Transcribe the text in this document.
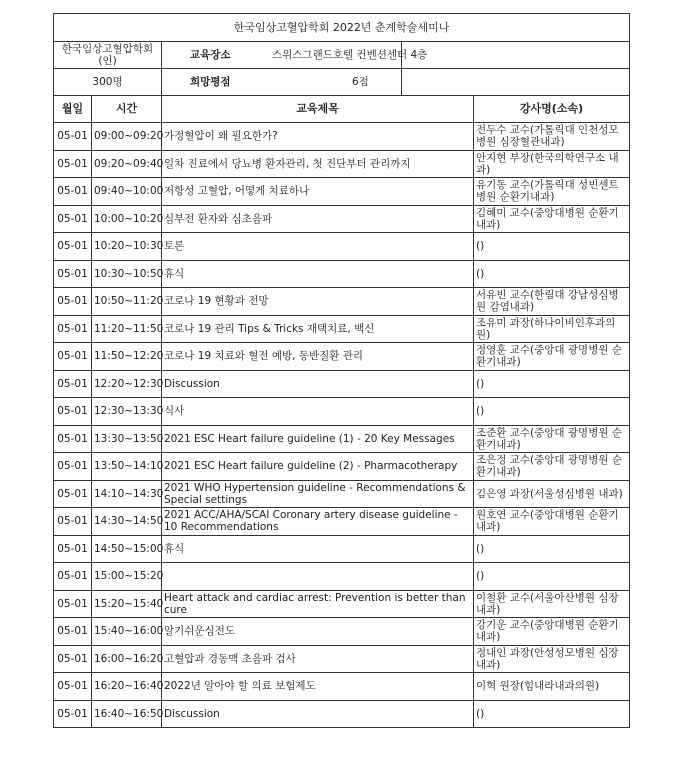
한국임상고혈압학회 2022년 춘계학술세미나				
한국임상고혈압학회(인)		교육장소	스위스그랜드호텔 컨벤션센터 4층	
300명		희망평점	6점	
월일	시간	교육제목		강사명(소속)
05-01	09:00~09:20	가정혈압이 왜 필요한가?		전두수 교수(가톨릭대 인천성모병원 심장혈관내과)
05-01	09:20~09:40	일차 진료에서 당뇨병 환자관리, 첫 진단부터 관리까지		안지현 부장(한국의학연구소 내과)
05-01	09:40~10:00	저항성 고혈압, 어떻게 치료하나		유기동 교수(가톨릭대 성빈센트병원 순환기내과)
05-01	10:00~10:20	심부전 환자와 심초음파		김혜미 교수(중앙대병원 순환기내과)
05-01	10:20~10:30	토론		()
05-01	10:30~10:50	휴식		()
05-01	10:50~11:20	코로나 19 현황과 전망		서유빈 교수(한림대 강남성심병원 감염내과)
05-01	11:20~11:50	코로나 19 관리 Tips & Tricks 재택치료, 백신		조유미 과장(하나이비인후과의원)
05-01	11:50~12:20	코로나 19 치료와 혈전 예방, 동반질환 관리		정영훈 교수(중앙대 광명병원 순환기내과)
05-01	12:20~12:30	Discussion		()
05-01	12:30~13:30	식사		()
05-01	13:30~13:50	2021 ESC Heart failure guideline (1) - 20 Key Messages		조준환 교수(중앙대 광명병원 순환기내과)
05-01	13:50~14:10	2021 ESC Heart failure guideline (2) - Pharmacotherapy		조은정 교수(중앙대 광명병원 순환기내과)
05-01	14:10~14:30	2021 WHO Hypertension guideline - Recommendations & Special settings		김은영 과장(서울성심병원 내과)
05-01	14:30~14:50	2021 ACC/AHA/SCAI Coronary artery disease guideline - 10 Recommendations		원호연 교수(중앙대병원 순환기내과)
05-01	14:50~15:00	휴식		()
05-01	15:00~15:20			()
05-01	15:20~15:40	Heart attack and cardiac arrest: Prevention is better than cure		이철환 교수(서울아산병원 심장내과)
05-01	15:40~16:00	알기쉬운심전도		강기운 교수(중앙대병원 순환기내과)
05-01	16:00~16:20	고혈압과 경동맥 초음파 검사		정내인 과장(안성성모병원 심장내과)
05-01	16:20~16:40	2022년 알아야 할 의료 보험제도		이혁 원장(힘내라내과의원)
05-01	16:40~16:50	Discussion		()
